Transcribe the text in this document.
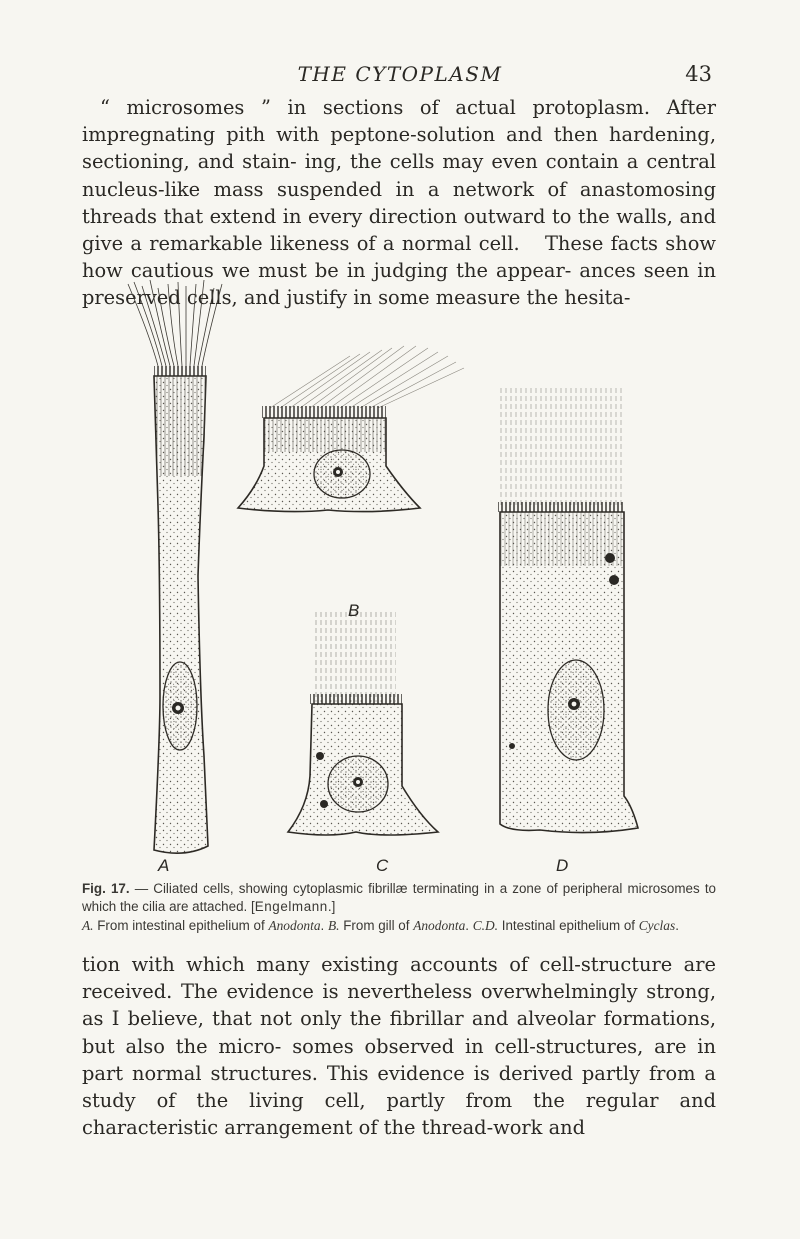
THE CYTOPLASM	43

“ microsomes ” in sections of actual protoplasm. After impregnating pith with peptone-solution and then hardening, sectioning, and stain- ing, the cells may even contain a central nucleus-like mass suspended in a network of anastomosing threads that extend in every direction outward to the walls, and give a remarkable likeness of a normal cell. These facts show how cautious we must be in judging the appear- ances seen in preserved cells, and justify in some measure the hesita-

A
B
C	D
Fig. 17. — Ciliated cells, showing cytoplasmic fibrillæ terminating in a zone of peripheral microsomes to which the cilia are attached. [Engelmann.]
A. From intestinal epithelium of Anodonta. B. From gill of Anodonta. C.D. Intestinal epithelium of Cyclas.

tion with which many existing accounts of cell-structure are received. The evidence is nevertheless overwhelmingly strong, as I believe, that not only the fibrillar and alveolar formations, but also the micro- somes observed in cell-structures, are in part normal structures. This evidence is derived partly from a study of the living cell, partly from the regular and characteristic arrangement of the thread-work and
